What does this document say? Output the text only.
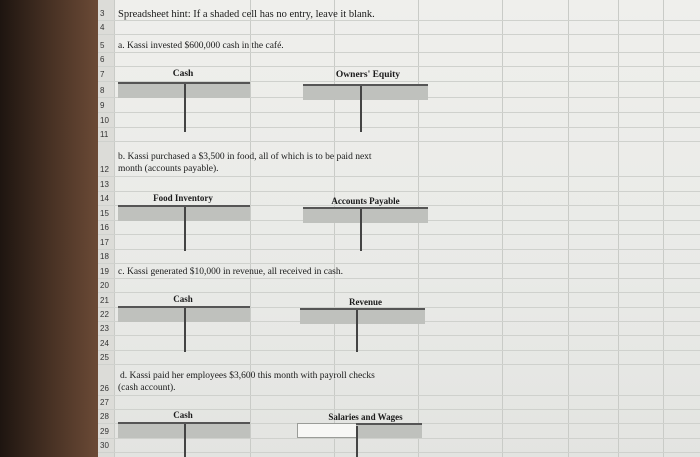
3
4
5
6
7
8
9
10
11
12
13
14
15
16
17
18
19
20
21
22
23
24
25
26
27
28
29
30
Spreadsheet hint: If a shaded cell has no entry, leave it blank.
a. Kassi invested $600,000 cash in the café.
Cash	Owners' Equity
b. Kassi purchased a $3,500 in food, all of which is to be paid next
month (accounts payable).
Food Inventory	Accounts Payable
c. Kassi generated $10,000 in revenue, all received in cash.
Cash	Revenue
d. Kassi paid her employees $3,600 this month with payroll checks
(cash account).
Cash	Salaries and Wages
